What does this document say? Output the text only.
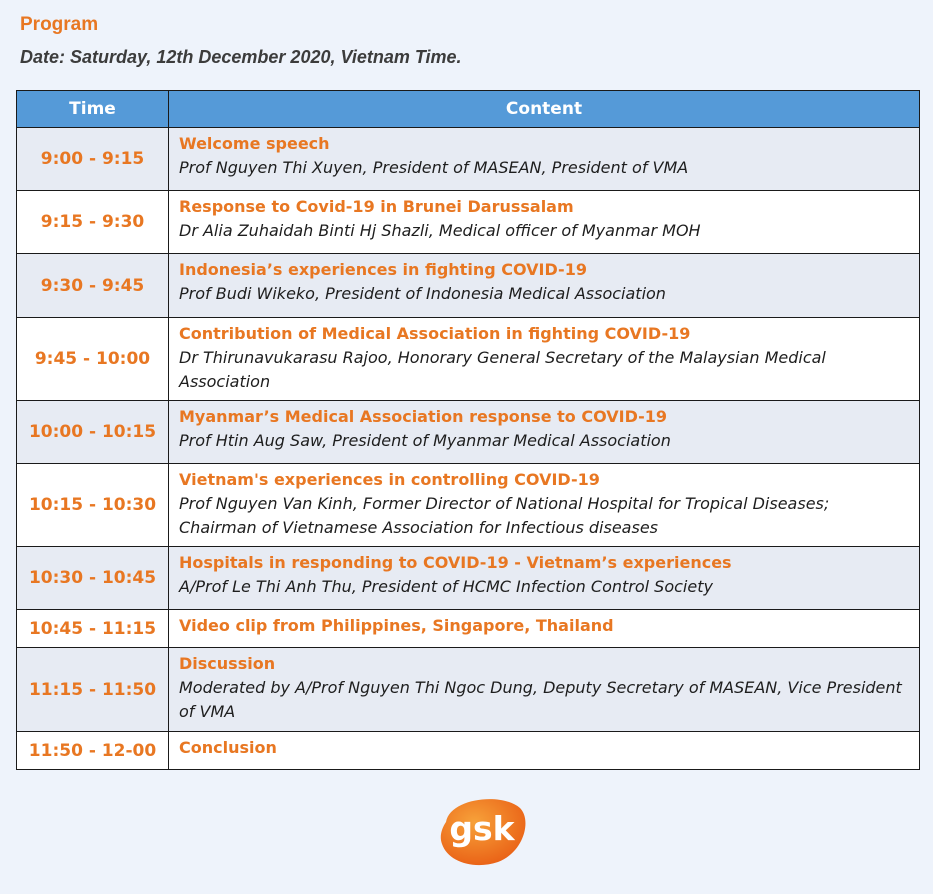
Program
Date: Saturday, 12th December 2020, Vietnam Time.
Time	Content
9:00 - 9:15	Welcome speech
Prof Nguyen Thi Xuyen, President of MASEAN, President of VMA

9:15 - 9:30	Response to Covid-19 in Brunei Darussalam
Dr Alia Zuhaidah Binti Hj Shazli, Medical officer of Myanmar MOH

9:30 - 9:45	Indonesia’s experiences in fighting COVID-19
Prof Budi Wikeko, President of Indonesia Medical Association

9:45 - 10:00	Contribution of Medical Association in fighting COVID-19
Dr Thirunavukarasu Rajoo, Honorary General Secretary of the Malaysian Medical Association

10:00 - 10:15	Myanmar’s Medical Association response to COVID-19
Prof Htin Aug Saw, President of Myanmar Medical Association

10:15 - 10:30	Vietnam's experiences in controlling COVID-19
Prof Nguyen Van Kinh, Former Director of National Hospital for Tropical Diseases; Chairman of Vietnamese Association for Infectious diseases

10:30 - 10:45	Hospitals in responding to COVID-19 - Vietnam’s experiences
A/Prof Le Thi Anh Thu, President of HCMC Infection Control Society

10:45 - 11:15	Video clip from Philippines, Singapore, Thailand

11:15 - 11:50	Discussion
Moderated by A/Prof Nguyen Thi Ngoc Dung, Deputy Secretary of MASEAN, Vice President of VMA

11:50 - 12-00	Conclusion
gsk
